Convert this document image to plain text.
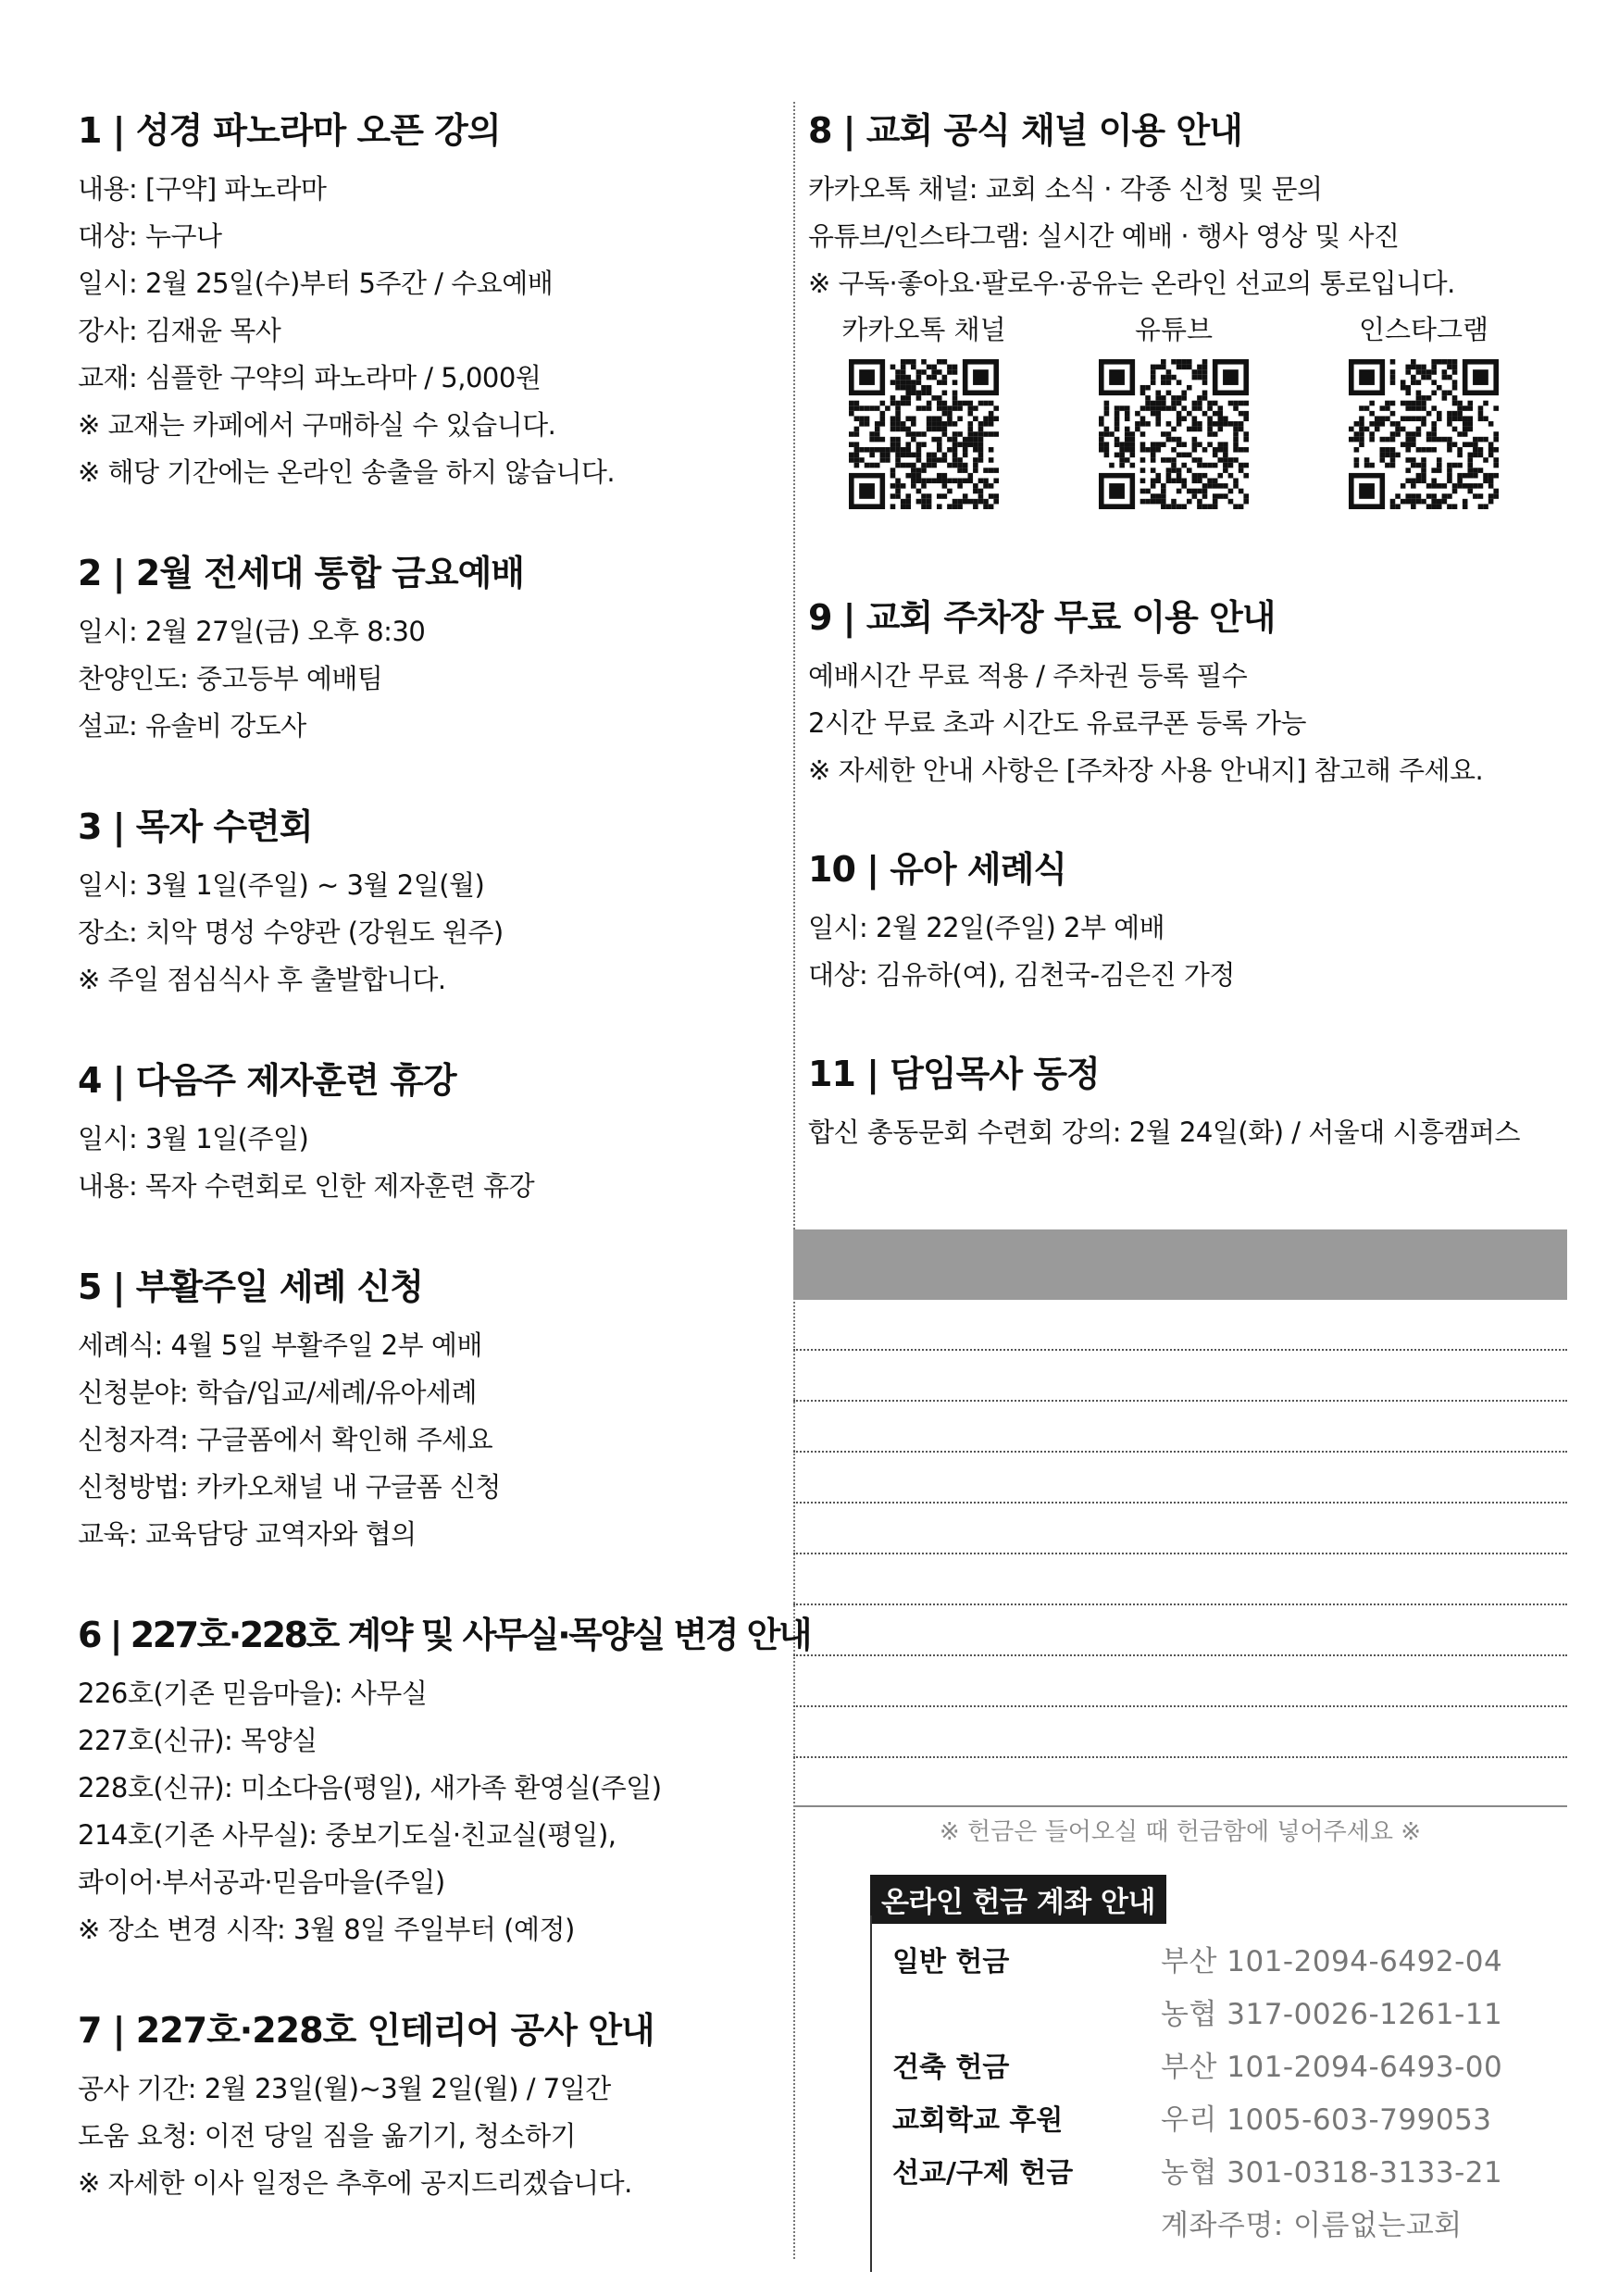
1 | 성경 파노라마 오픈 강의
내용: [구약] 파노라마
대상: 누구나
일시: 2월 25일(수)부터 5주간 / 수요예배
강사: 김재윤 목사
교재: 심플한 구약의 파노라마 / 5,000원
※ 교재는 카페에서 구매하실 수 있습니다.
※ 해당 기간에는 온라인 송출을 하지 않습니다.
2 | 2월 전세대 통합 금요예배
일시: 2월 27일(금) 오후 8:30
찬양인도: 중고등부 예배팀
설교: 유솔비 강도사
3 | 목자 수련회
일시: 3월 1일(주일) ~ 3월 2일(월)
장소: 치악 명성 수양관 (강원도 원주)
※ 주일 점심식사 후 출발합니다.
4 | 다음주 제자훈련 휴강
일시: 3월 1일(주일)
내용: 목자 수련회로 인한 제자훈련 휴강
5 | 부활주일 세례 신청
세례식: 4월 5일 부활주일 2부 예배
신청분야: 학습/입교/세례/유아세례
신청자격: 구글폼에서 확인해 주세요
신청방법: 카카오채널 내 구글폼 신청
교육: 교육담당 교역자와 협의
6 | 227호·228호 계약 및 사무실·목양실 변경 안내
226호(기존 믿음마을): 사무실
227호(신규): 목양실
228호(신규): 미소다음(평일), 새가족 환영실(주일)
214호(기존 사무실): 중보기도실·친교실(평일),
콰이어·부서공과·믿음마을(주일)
※ 장소 변경 시작: 3월 8일 주일부터 (예정)
7 | 227호·228호 인테리어 공사 안내
공사 기간: 2월 23일(월)~3월 2일(월) / 7일간
도움 요청: 이전 당일 짐을 옮기기, 청소하기
※ 자세한 이사 일정은 추후에 공지드리겠습니다.
8 | 교회 공식 채널 이용 안내
카카오톡 채널: 교회 소식 · 각종 신청 및 문의
유튜브/인스타그램: 실시간 예배 · 행사 영상 및 사진
※ 구독·좋아요·팔로우·공유는 온라인 선교의 통로입니다.
카카오톡 채널	유튜브	인스타그램
9 | 교회 주차장 무료 이용 안내
예배시간 무료 적용 / 주차권 등록 필수
2시간 무료 초과 시간도 유료쿠폰 등록 가능
※ 자세한 안내 사항은 [주차장 사용 안내지] 참고해 주세요.
10 | 유아 세례식
일시: 2월 22일(주일) 2부 예배
대상: 김유하(여), 김천국-김은진 가정
11 | 담임목사 동정
합신 총동문회 수련회 강의: 2월 24일(화) / 서울대 시흥캠퍼스
※ 헌금은 들어오실 때 헌금함에 넣어주세요 ※
온라인 헌금 계좌 안내
일반 헌금	부산 101-2094-6492-04
농협 317-0026-1261-11
건축 헌금	부산 101-2094-6493-00
교회학교 후원	우리 1005-603-799053
선교/구제 헌금	농협 301-0318-3133-21
계좌주명: 이름없는교회
